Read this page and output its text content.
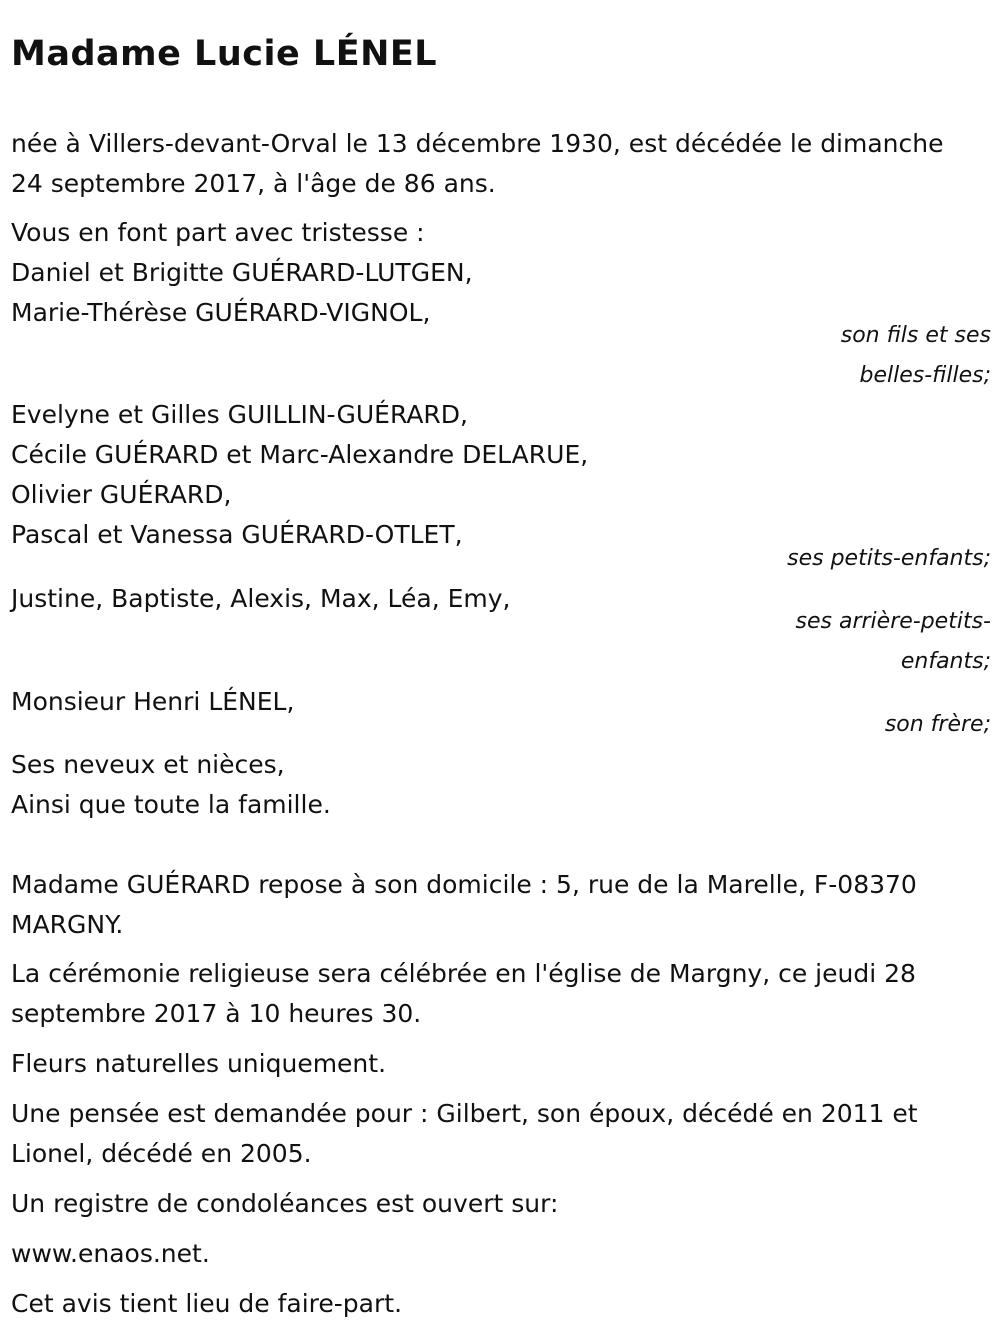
Madame Lucie LÉNEL
née à Villers-devant-Orval le 13 décembre 1930, est décédée le dimanche
24 septembre 2017, à l'âge de 86 ans.
Vous en font part avec tristesse :
Daniel et Brigitte GUÉRARD-LUTGEN,
Marie-Thérèse GUÉRARD-VIGNOL,
son fils et ses
belles-filles;
Evelyne et Gilles GUILLIN-GUÉRARD,
Cécile GUÉRARD et Marc-Alexandre DELARUE,
Olivier GUÉRARD,
Pascal et Vanessa GUÉRARD-OTLET,
ses petits-enfants;
Justine, Baptiste, Alexis, Max, Léa, Emy,
ses arrière-petits-
enfants;
Monsieur Henri LÉNEL,
son frère;
Ses neveux et nièces,
Ainsi que toute la famille.
Madame GUÉRARD repose à son domicile : 5, rue de la Marelle, F-08370
MARGNY.
La cérémonie religieuse sera célébrée en l'église de Margny, ce jeudi 28
septembre 2017 à 10 heures 30.
Fleurs naturelles uniquement.
Une pensée est demandée pour : Gilbert, son époux, décédé en 2011 et
Lionel, décédé en 2005.
Un registre de condoléances est ouvert sur:
www.enaos.net.
Cet avis tient lieu de faire-part.
